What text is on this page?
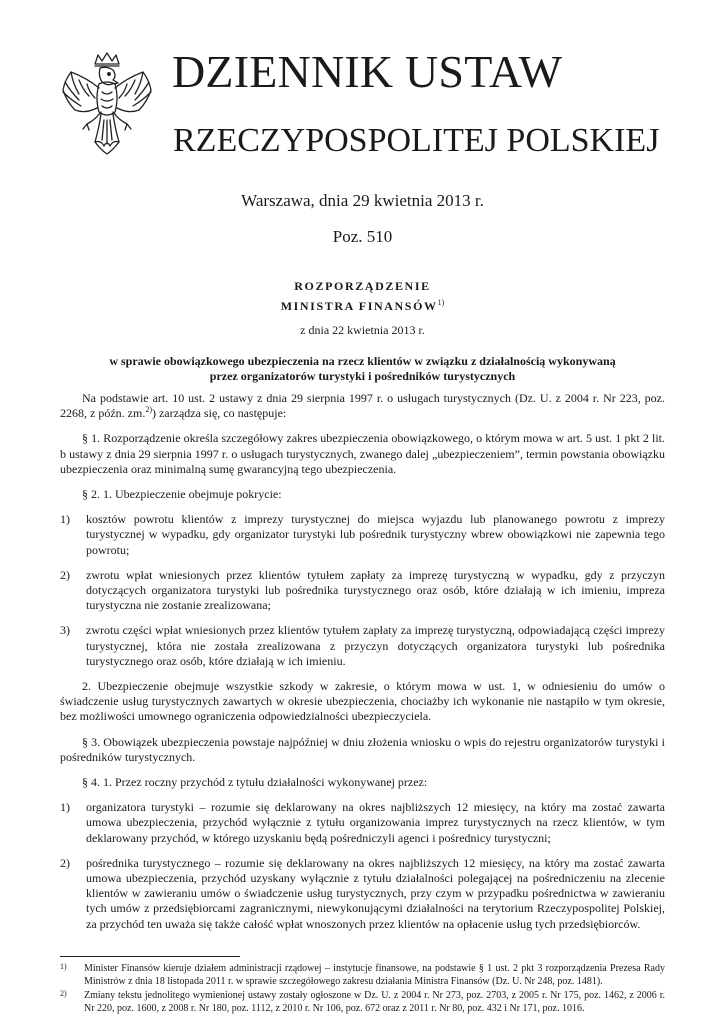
DZIENNIK USTAW
RZECZYPOSPOLITEJ POLSKIEJ
Warszawa, dnia 29 kwietnia 2013 r.
Poz. 510
ROZPORZĄDZENIE
MINISTRA FINANSÓW$^{1)}$
z dnia 22 kwietnia 2013 r.
w sprawie obowiązkowego ubezpieczenia na rzecz klientów w związku z działalnością wykonywaną
przez organizatorów turystyki i pośredników turystycznych

Na podstawie art. 10 ust. 2 ustawy z dnia 29 sierpnia 1997 r. o usługach turystycznych (Dz. U. z 2004 r. Nr 223, poz. 2268, z późn. zm.$^{2)}$) zarządza się, co następuje:

§ 1. Rozporządzenie określa szczegółowy zakres ubezpieczenia obowiązkowego, o którym mowa w art. 5 ust. 1 pkt 2 lit. b ustawy z dnia 29 sierpnia 1997 r. o usługach turystycznych, zwanego dalej „ubezpieczeniem”, termin powstania obowiązku ubezpieczenia oraz minimalną sumę gwarancyjną tego ubezpieczenia.

§ 2. 1. Ubezpieczenie obejmuje pokrycie:

1) kosztów powrotu klientów z imprezy turystycznej do miejsca wyjazdu lub planowanego powrotu z imprezy turystycznej w wypadku, gdy organizator turystyki lub pośrednik turystyczny wbrew obowiązkowi nie zapewnia tego powrotu;
2) zwrotu wpłat wniesionych przez klientów tytułem zapłaty za imprezę turystyczną w wypadku, gdy z przyczyn dotyczących organizatora turystyki lub pośrednika turystycznego oraz osób, które działają w ich imieniu, impreza turystyczna nie zostanie zrealizowana;
3) zwrotu części wpłat wniesionych przez klientów tytułem zapłaty za imprezę turystyczną, odpowiadającą części imprezy turystycznej, która nie została zrealizowana z przyczyn dotyczących organizatora turystyki lub pośrednika turystycznego oraz osób, które działają w ich imieniu.

2. Ubezpieczenie obejmuje wszystkie szkody w zakresie, o którym mowa w ust. 1, w odniesieniu do umów o świadczenie usług turystycznych zawartych w okresie ubezpieczenia, chociażby ich wykonanie nie nastąpiło w tym okresie, bez możliwości umownego ograniczenia odpowiedzialności ubezpieczyciela.

§ 3. Obowiązek ubezpieczenia powstaje najpóźniej w dniu złożenia wniosku o wpis do rejestru organizatorów turystyki i pośredników turystycznych.

§ 4. 1. Przez roczny przychód z tytułu działalności wykonywanej przez:

1) organizatora turystyki – rozumie się deklarowany na okres najbliższych 12 miesięcy, na który ma zostać zawarta umowa ubezpieczenia, przychód wyłącznie z tytułu organizowania imprez turystycznych na rzecz klientów, w tym deklarowany przychód, w którego uzyskaniu będą pośredniczyli agenci i pośrednicy turystyczni;
2) pośrednika turystycznego – rozumie się deklarowany na okres najbliższych 12 miesięcy, na który ma zostać zawarta umowa ubezpieczenia, przychód uzyskany wyłącznie z tytułu działalności polegającej na pośredniczeniu na zlecenie klientów w zawieraniu umów o świadczenie usług turystycznych, przy czym w przypadku pośrednictwa w zawieraniu tych umów z przedsiębiorcami zagranicznymi, niewykonującymi działalności na terytorium Rzeczypospolitej Polskiej, za przychód ten uważa się także całość wpłat wnoszonych przez klientów na opłacenie usług tych przedsiębiorców.
1) Minister Finansów kieruje działem administracji rządowej – instytucje finansowe, na podstawie § 1 ust. 2 pkt 3 rozporządzenia Prezesa Rady Ministrów z dnia 18 listopada 2011 r. w sprawie szczegółowego zakresu działania Ministra Finansów (Dz. U. Nr 248, poz. 1481).
2) Zmiany tekstu jednolitego wymienionej ustawy zostały ogłoszone w Dz. U. z 2004 r. Nr 273, poz. 2703, z 2005 r. Nr 175, poz. 1462, z 2006 r. Nr 220, poz. 1600, z 2008 r. Nr 180, poz. 1112, z 2010 r. Nr 106, poz. 672 oraz z 2011 r. Nr 80, poz. 432 i Nr 171, poz. 1016.
